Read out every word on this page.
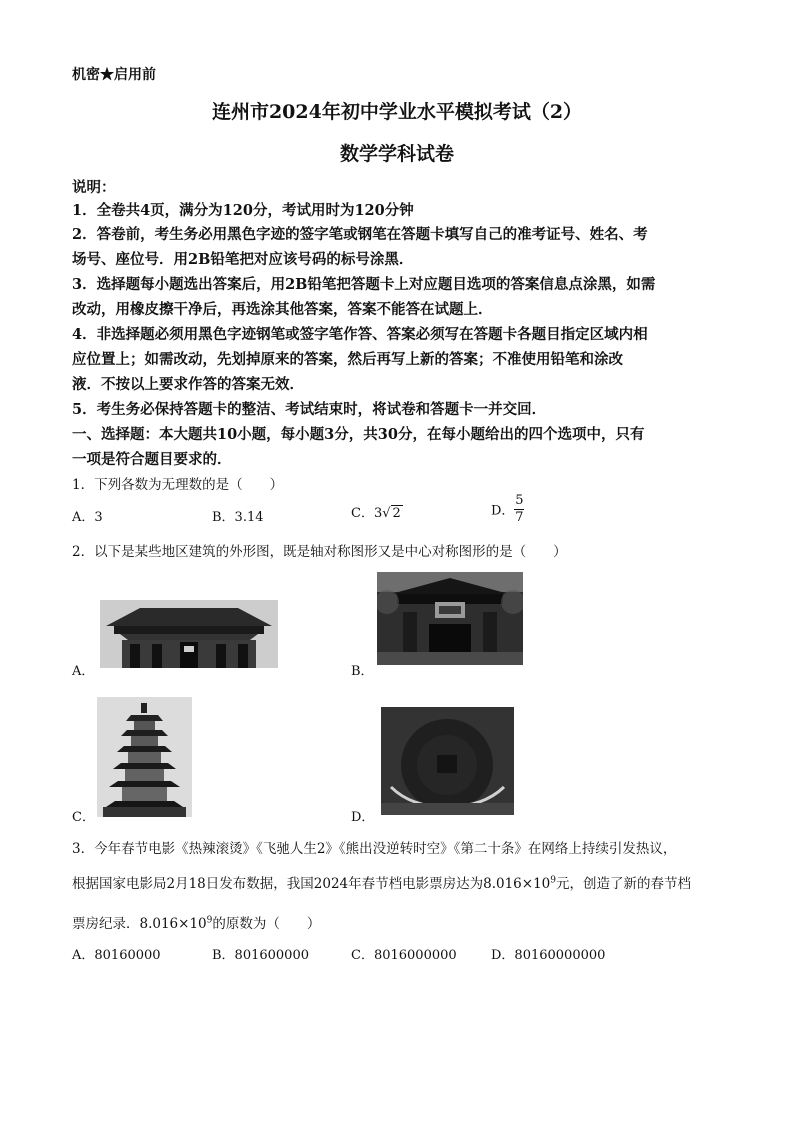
机密★启用前
连州市2024年初中学业水平模拟考试（2）
数学学科试卷
说明：
1．全卷共4页，满分为120分，考试用时为120分钟
2．答卷前，考生务必用黑色字迹的签字笔或钢笔在答题卡填写自己的准考证号、姓名、考
场号、座位号．用2B铅笔把对应该号码的标号涂黑．
3．选择题每小题选出答案后，用2B铅笔把答题卡上对应题目选项的答案信息点涂黑，如需
改动，用橡皮擦干净后，再选涂其他答案，答案不能答在试题上．
4．非选择题必须用黑色字迹钢笔或签字笔作答、答案必须写在答题卡各题目指定区域内相
应位置上；如需改动，先划掉原来的答案，然后再写上新的答案；不准使用铅笔和涂改
液．不按以上要求作答的答案无效．
5．考生务必保持答题卡的整洁、考试结束时，将试卷和答题卡一并交回．
一、选择题：本大题共10小题，每小题3分，共30分，在每小题给出的四个选项中，只有
一项是符合题目要求的．
1．下列各数为无理数的是（　　）
A．3	B．3.14	C．3√ 2	D． $\frac{5}{7}$
2．以下是某些地区建筑的外形图，既是轴对称图形又是中心对称图形的是（　　）
A．	B．
C．	D．
3．今年春节电影《热辣滚烫》《飞驰人生2》《熊出没逆转时空》《第二十条》在网络上持续引发热议，
根据国家电影局2月18日发布数据，我国2024年春节档电影票房达为$8.016\times 10^9$元，创造了新的春节档
票房纪录．$8.016\times 10^9$的原数为（　　）
A．80160000	B．801600000	C．8016000000	D．80160000000
